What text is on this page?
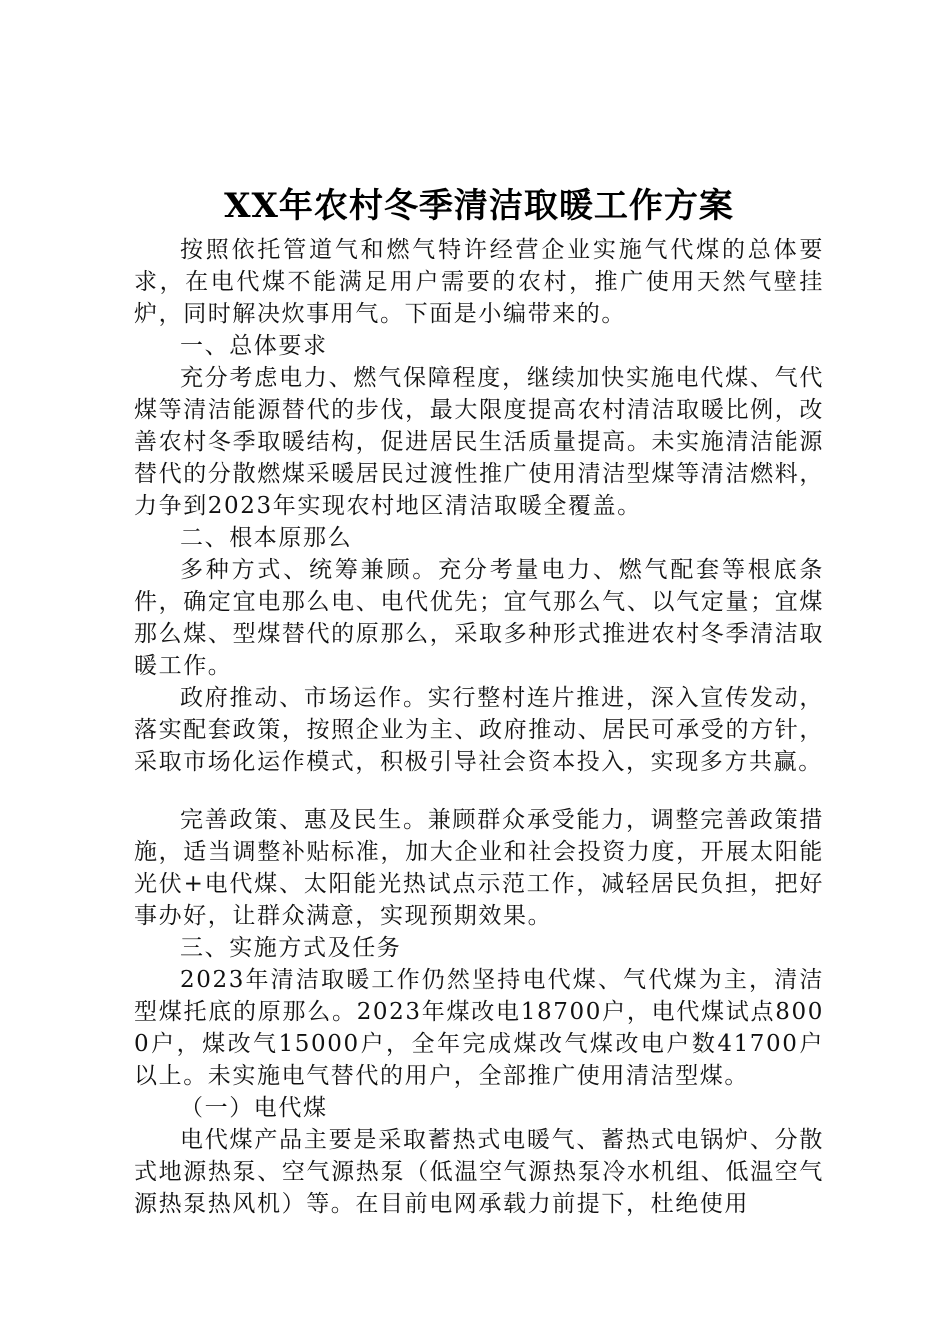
XX年农村冬季清洁取暖工作方案

按照依托管道气和燃气特许经营企业实施气代煤的总体要求，在电代煤不能满足用户需要的农村，推广使用天然气壁挂炉，同时解决炊事用气。下面是小编带来的。

一、总体要求

充分考虑电力、燃气保障程度，继续加快实施电代煤、气代煤等清洁能源替代的步伐，最大限度提高农村清洁取暖比例，改善农村冬季取暖结构，促进居民生活质量提高。未实施清洁能源替代的分散燃煤采暖居民过渡性推广使用清洁型煤等清洁燃料，力争到2023年实现农村地区清洁取暖全覆盖。

二、根本原那么

多种方式、统筹兼顾。充分考量电力、燃气配套等根底条件，确定宜电那么电、电代优先；宜气那么气、以气定量；宜煤那么煤、型煤替代的原那么，采取多种形式推进农村冬季清洁取暖工作。

政府推动、市场运作。实行整村连片推进，深入宣传发动，落实配套政策，按照企业为主、政府推动、居民可承受的方针，采取市场化运作模式，积极引导社会资本投入，实现多方共赢。

完善政策、惠及民生。兼顾群众承受能力，调整完善政策措施，适当调整补贴标准，加大企业和社会投资力度，开展太阳能光伏+电代煤、太阳能光热试点示范工作，减轻居民负担，把好事办好，让群众满意，实现预期效果。

三、实施方式及任务

2023年清洁取暖工作仍然坚持电代煤、气代煤为主，清洁型煤托底的原那么。2023年煤改电18700户，电代煤试点8000户，煤改气15000户，全年完成煤改气煤改电户数41700户以上。未实施电气替代的用户，全部推广使用清洁型煤。

（一）电代煤

电代煤产品主要是采取蓄热式电暖气、蓄热式电锅炉、分散式地源热泵、空气源热泵（低温空气源热泵冷水机组、低温空气源热泵热风机）等。在目前电网承载力前提下，杜绝使用
